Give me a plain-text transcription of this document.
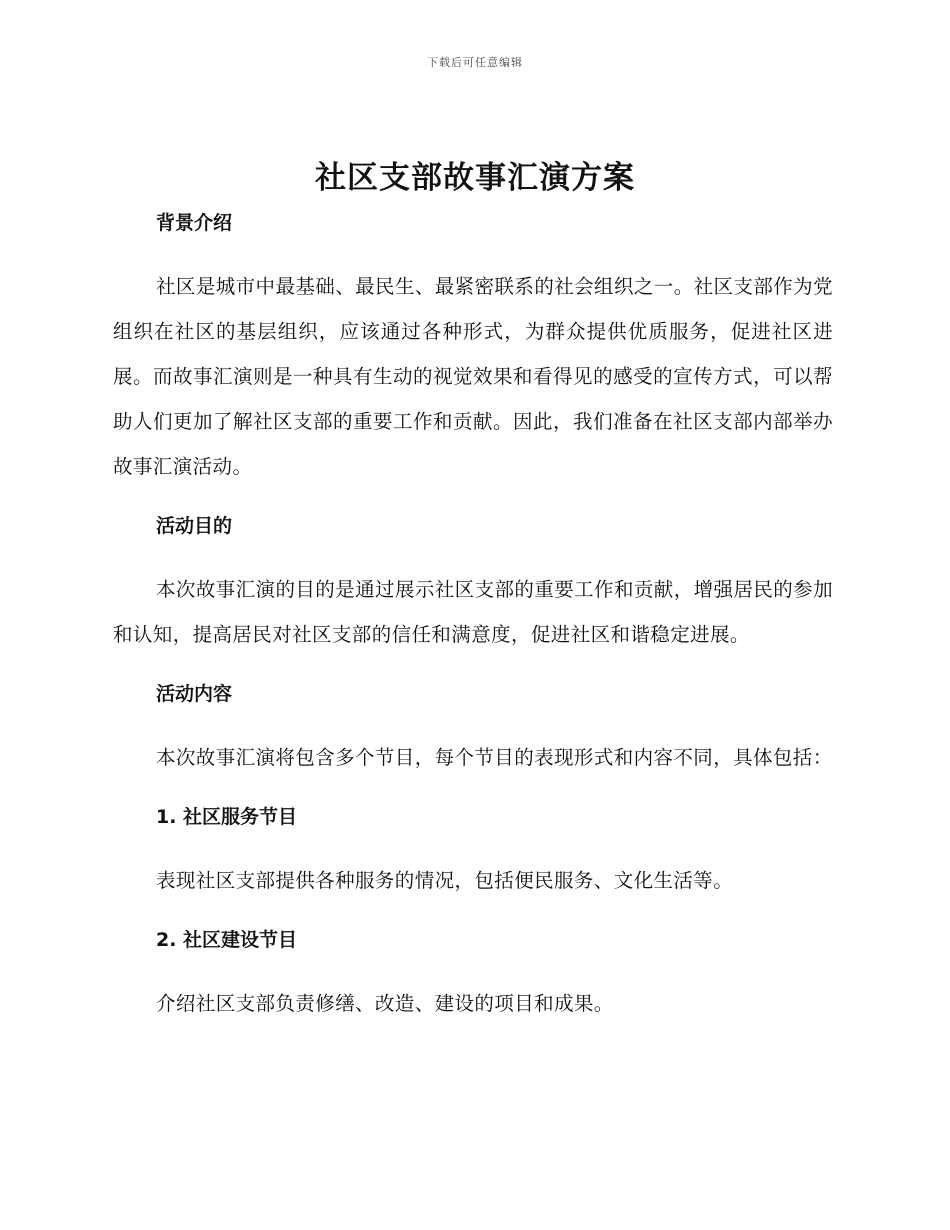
下载后可任意编辑
社区支部故事汇演方案
背景介绍

社区是城市中最基础、最民生、最紧密联系的社会组织之一。社区支部作为党组织在社区的基层组织，应该通过各种形式，为群众提供优质服务，促进社区进展。而故事汇演则是一种具有生动的视觉效果和看得见的感受的宣传方式，可以帮助人们更加了解社区支部的重要工作和贡献。因此，我们准备在社区支部内部举办故事汇演活动。

活动目的

本次故事汇演的目的是通过展示社区支部的重要工作和贡献，增强居民的参加和认知，提高居民对社区支部的信任和满意度，促进社区和谐稳定进展。

活动内容

本次故事汇演将包含多个节目，每个节目的表现形式和内容不同，具体包括：

1. 社区服务节目

表现社区支部提供各种服务的情况，包括便民服务、文化生活等。

2. 社区建设节目

介绍社区支部负责修缮、改造、建设的项目和成果。
